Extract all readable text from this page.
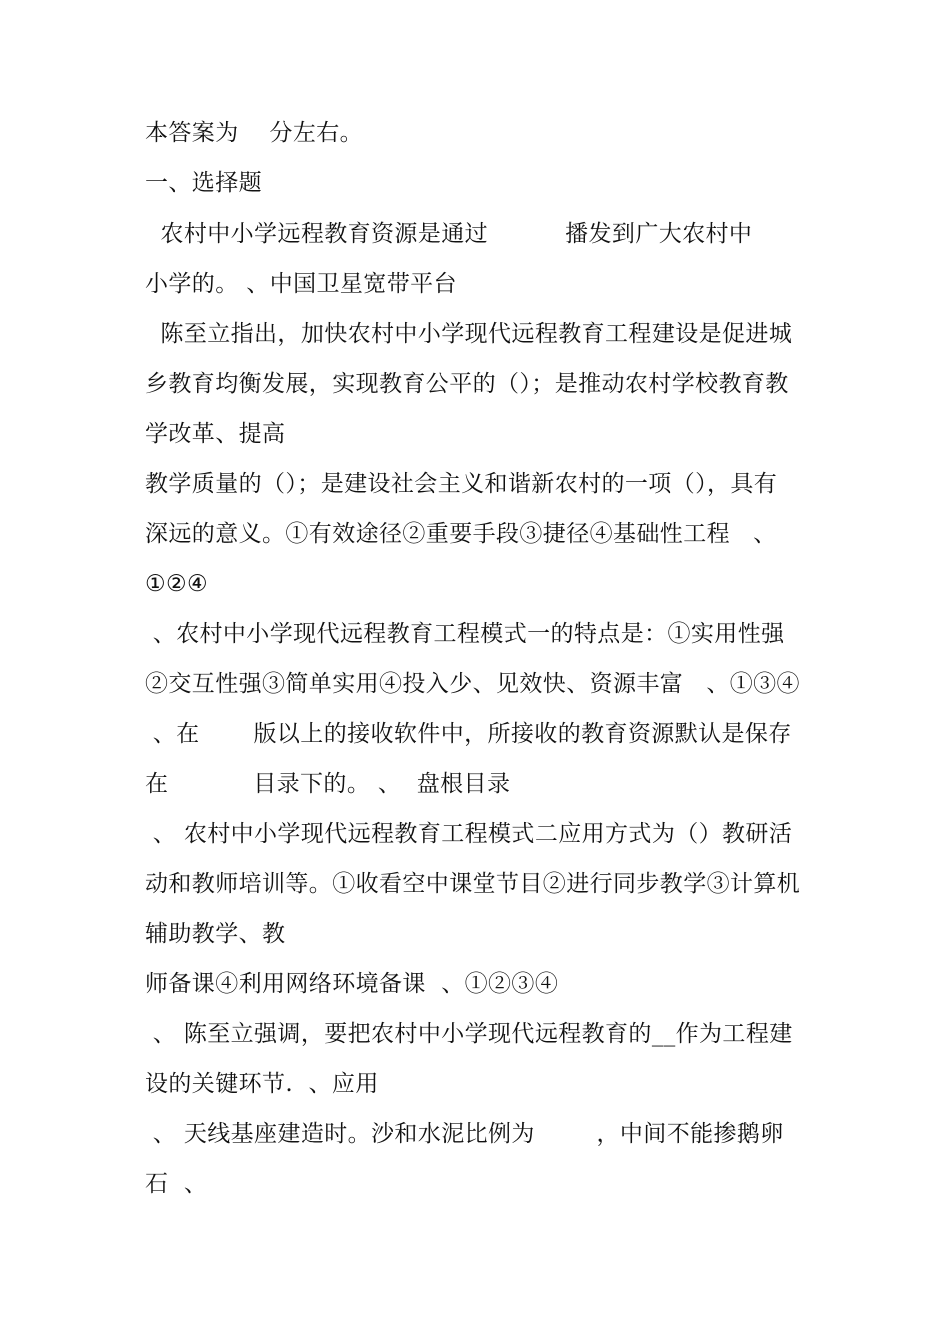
本答案为    分左右。
一、选择题
农村中小学远程教育资源是通过          播发到广大农村中
小学的。 、中国卫星宽带平台
陈至立指出，加快农村中小学现代远程教育工程建设是促进城
乡教育均衡发展，实现教育公平的（）；是推动农村学校教育教
学改革、提高
教学质量的（）；是建设社会主义和谐新农村的一项（），具有
深远的意义。①有效途径②重要手段③捷径④基础性工程   、
①②④
、农村中小学现代远程教育工程模式一的特点是：①实用性强
②交互性强③简单实用④投入少、见效快、资源丰富   、①③④
、在       版以上的接收软件中，所接收的教育资源默认是保存
在           目录下的。 、  盘根目录
、 农村中小学现代远程教育工程模式二应用方式为（）教研活
动和教师培训等。①收看空中课堂节目②进行同步教学③计算机
辅助教学、教
师备课④利用网络环境备课  、①②③④
、 陈至立强调，要把农村中小学现代远程教育的__作为工程建
设的关键环节.  、应用
、 天线基座建造时。沙和水泥比例为        ，中间不能掺鹅卵
石  、
